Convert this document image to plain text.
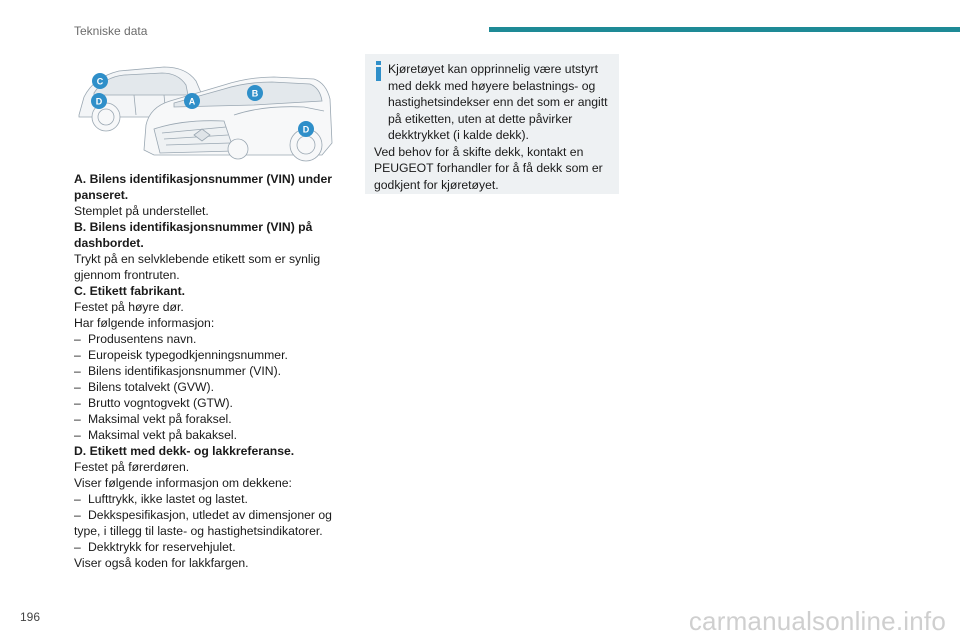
Tekniske data
C
D	A
B
D

A. Bilens identifikasjonsnummer (VIN) under panseret.

Stemplet på understellet.

B. Bilens identifikasjonsnummer (VIN) på dashbordet.

Trykt på en selvklebende etikett som er synlig gjennom frontruten.

C. Etikett fabrikant.

Festet på høyre dør.

Har følgende informasjon:

– Produsentens navn.

– Europeisk typegodkjenningsnummer.

– Bilens identifikasjonsnummer (VIN).

– Bilens totalvekt (GVW).

– Brutto vogntogvekt (GTW).

– Maksimal vekt på foraksel.

– Maksimal vekt på bakaksel.

D. Etikett med dekk- og lakkreferanse.

Festet på førerdøren.

Viser følgende informasjon om dekkene:

– Lufttrykk, ikke lastet og lastet.

– Dekkspesifikasjon, utledet av dimensjoner og type, i tillegg til laste- og hastighetsindikatorer.

– Dekktrykk for reservehjulet.

Viser også koden for lakkfargen.

Kjøretøyet kan opprinnelig være utstyrt med dekk med høyere belastnings- og hastighetsindekser enn det som er angitt på etiketten, uten at dette påvirker dekktrykket (i kalde dekk).

Ved behov for å skifte dekk, kontakt en PEUGEOT forhandler for å få dekk som er godkjent for kjøretøyet.

196	carmanualsonline.info
